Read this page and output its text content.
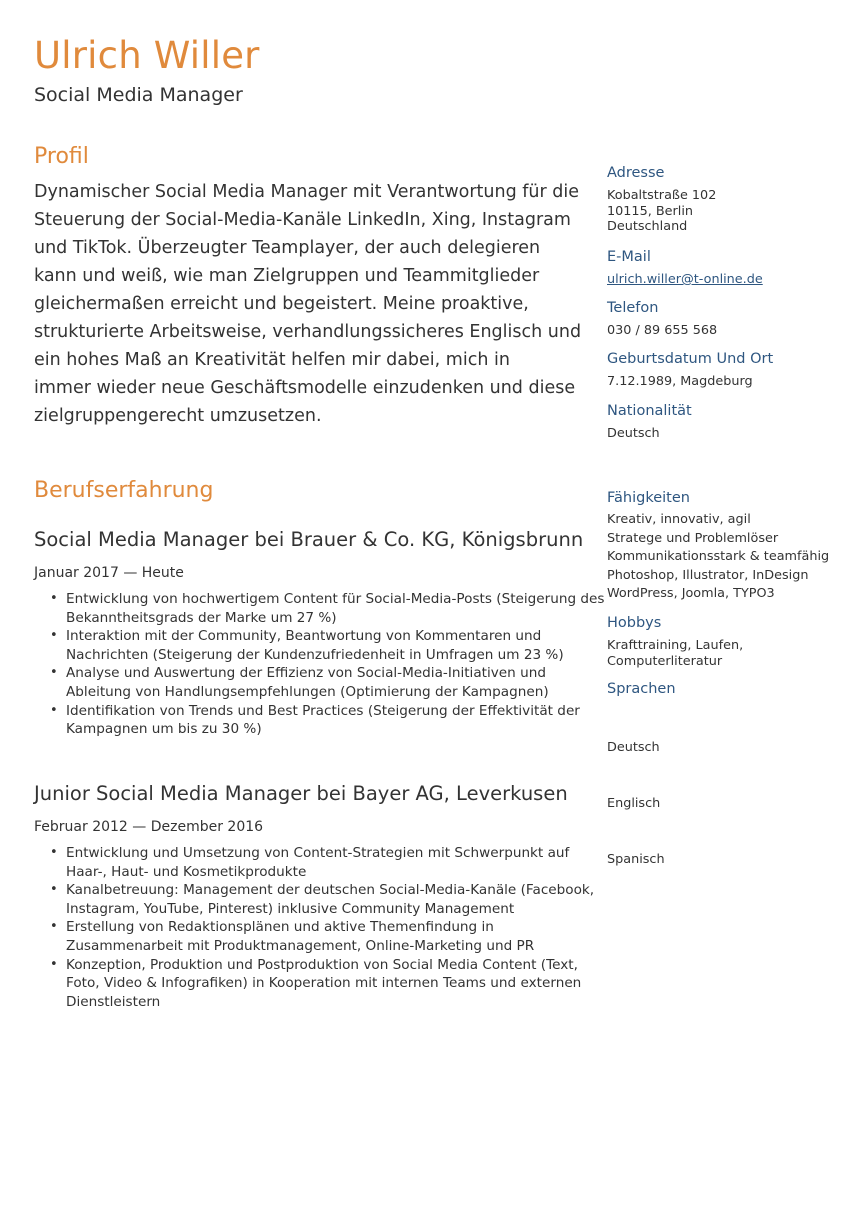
Ulrich Willer
Social Media Manager
Profil

Dynamischer Social Media Manager mit Verantwortung für die
Steuerung der Social-Media-Kanäle LinkedIn, Xing, Instagram
und TikTok. Überzeugter Teamplayer, der auch delegieren
kann und weiß, wie man Zielgruppen und Teammitglieder
gleichermaßen erreicht und begeistert. Meine proaktive,
strukturierte Arbeitsweise, verhandlungssicheres Englisch und
ein hohes Maß an Kreativität helfen mir dabei, mich in
immer wieder neue Geschäftsmodelle einzudenken und diese
zielgruppengerecht umzusetzen.

Berufserfahrung
Social Media Manager bei Brauer & Co. KG, Königsbrunn
Januar 2017 — Heute
• Entwicklung von hochwertigem Content für Social-Media-Posts (Steigerung des
Bekanntheitsgrads der Marke um 27 %)
• Interaktion mit der Community, Beantwortung von Kommentaren und
Nachrichten (Steigerung der Kundenzufriedenheit in Umfragen um 23 %)
• Analyse und Auswertung der Effizienz von Social-Media-Initiativen und
Ableitung von Handlungsempfehlungen (Optimierung der Kampagnen)
• Identifikation von Trends und Best Practices (Steigerung der Effektivität der
Kampagnen um bis zu 30 %)
Junior Social Media Manager bei Bayer AG, Leverkusen
Februar 2012 — Dezember 2016
• Entwicklung und Umsetzung von Content-Strategien mit Schwerpunkt auf
Haar-, Haut- und Kosmetikprodukte
• Kanalbetreuung: Management der deutschen Social-Media-Kanäle (Facebook,
Instagram, YouTube, Pinterest) inklusive Community Management
• Erstellung von Redaktionsplänen und aktive Themenfindung in
Zusammenarbeit mit Produktmanagement, Online-Marketing und PR
• Konzeption, Produktion und Postproduktion von Social Media Content (Text,
Foto, Video & Infografiken) in Kooperation mit internen Teams und externen
Dienstleistern
Adresse
Kobaltstraße 102
10115, Berlin
Deutschland
E-Mail
ulrich.willer@t-online.de
Telefon
030 / 89 655 568
Geburtsdatum Und Ort
7.12.1989, Magdeburg
Nationalität
Deutsch
Fähigkeiten
Kreativ, innovativ, agil
Stratege und Problemlöser
Kommunikationsstark & teamfähig
Photoshop, Illustrator, InDesign
WordPress, Joomla, TYPO3
Hobbys
Krafttraining, Laufen,
Computerliteratur
Sprachen

Deutsch

Englisch

Spanisch
